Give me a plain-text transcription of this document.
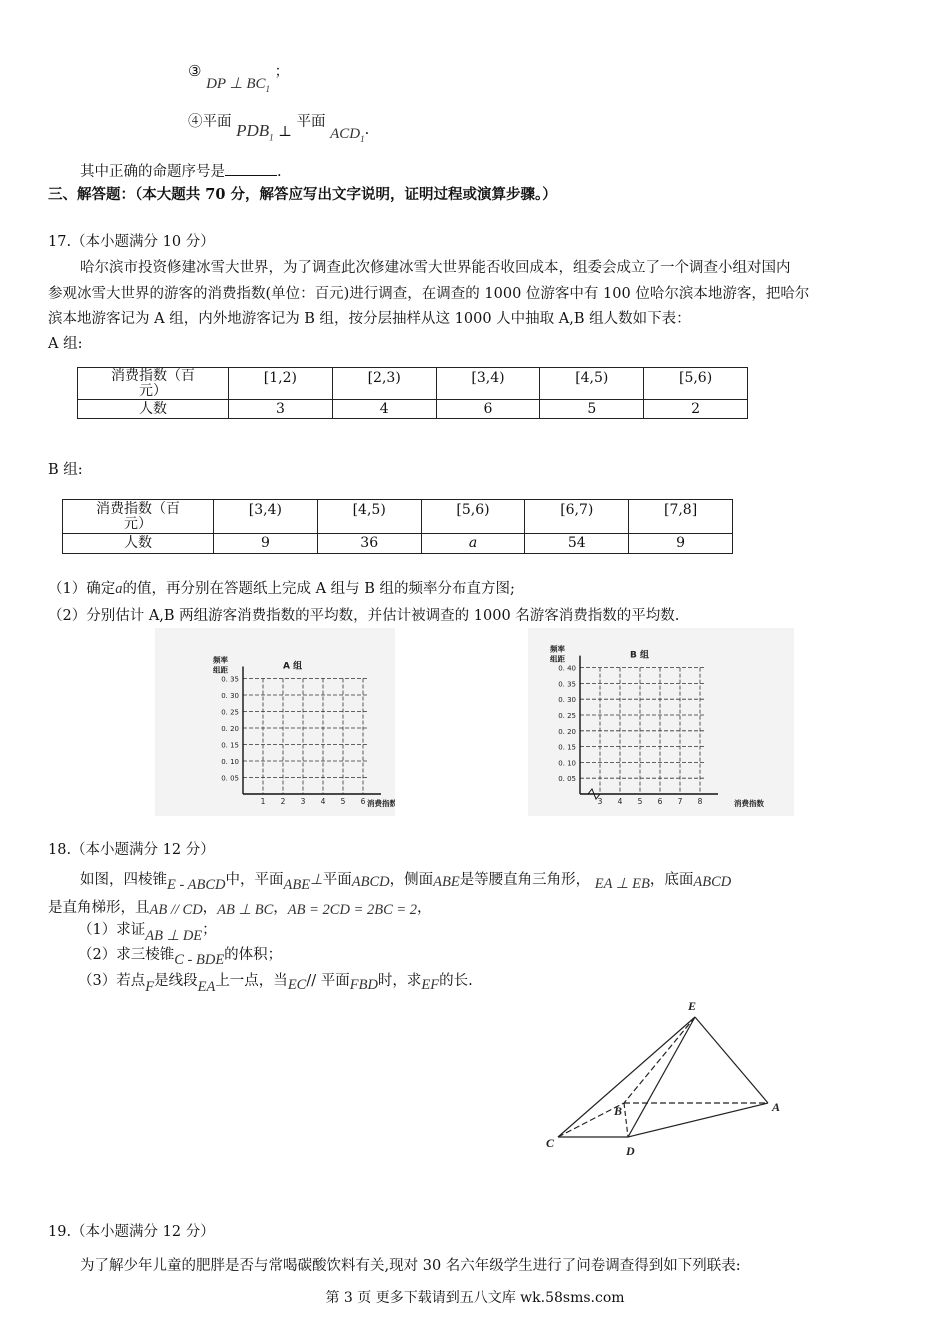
③ DP ⊥ $BC_1$ ；
④平面 $PDB_1$ ⊥ 平面 $ACD_1$.
其中正确的命题序号是	.
三、解答题：（本大题共 70 分，解答应写出文字说明，证明过程或演算步骤。）
17.（本小题满分 10 分）
哈尔滨市投资修建冰雪大世界，为了调查此次修建冰雪大世界能否收回成本，组委会成立了一个调查小组对国内
参观冰雪大世界的游客的消费指数(单位：百元)进行调查，在调查的 1000 位游客中有 100 位哈尔滨本地游客，把哈尔
滨本地游客记为 A 组，内外地游客记为 B 组，按分层抽样从这 1000 人中抽取 A,B 组人数如下表：
A 组:
消费指数（百
元）	[1,2)	[2,3)	[3,4)	[4,5)	[5,6)
人数	3	4	6	5	2
B 组:
消费指数（百
元）	[3,4)	[4,5)	[5,6)	[6,7)	[7,8]
人数	9	36	a	54	9
（1）确定a的值，再分别在答题纸上完成 A 组与 B 组的频率分布直方图;
（2）分别估计 A,B 两组游客消费指数的平均数，并估计被调查的 1000 名游客消费指数的平均数.
0. 05
0. 10
0. 15
0. 20
0. 25
0. 30
0. 35
1 2 3 4 5 6
频率
组距	A 组
消费指数
0. 05
0. 10
0. 15
0. 20
0. 25
0. 30
0. 35
0. 40
3 4 5 6 7 8
频率
组距	B 组
消费指数
18.（本小题满分 12 分）
如图，四棱锥E - ABCD中，平面ABE⊥平面ABCD，侧面ABE是等腰直角三角形， EA ⊥ EB，底面ABCD
是直角梯形，且AB // CD，AB ⊥ BC，AB = 2CD = 2BC = 2，
（1）求证AB ⊥ DE；
（2）求三棱锥C - BDE的体积；
（3）若点F是线段EA上一点，当EC// 平面FBD时，求EF的长.
E
A
B
C
D
19.（本小题满分 12 分）
为了解少年儿童的肥胖是否与常喝碳酸饮料有关,现对 30 名六年级学生进行了问卷调查得到如下列联表:
第 3 页 更多下载请到五八文库 wk.58sms.com
